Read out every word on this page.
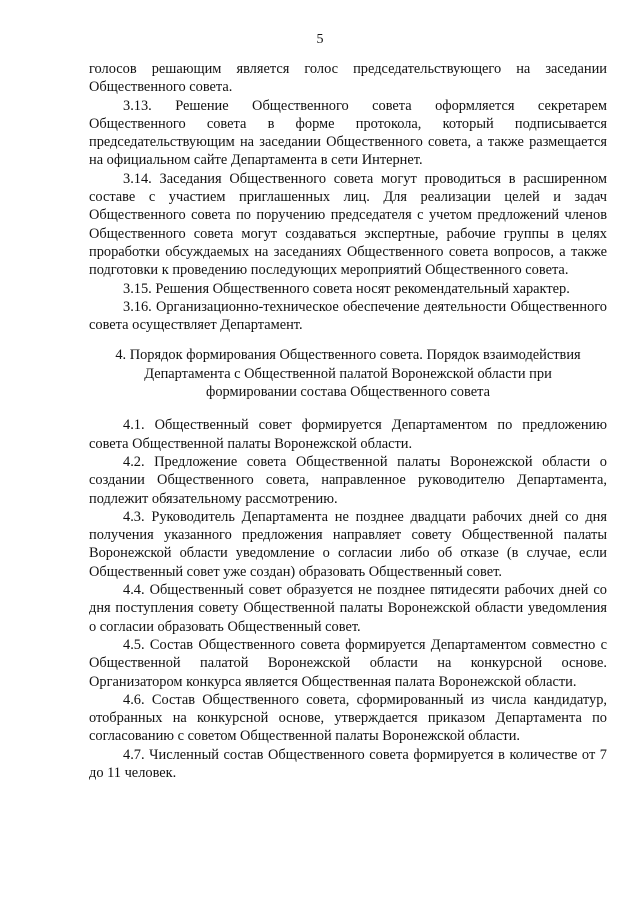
5

голосов решающим является голос председательствующего на заседании Общественного совета.

3.13. Решение Общественного совета оформляется секретарем Общественного совета в форме протокола, который подписывается председательствующим на заседании Общественного совета, а также размещается на официальном сайте Департамента в сети Интернет.

3.14. Заседания Общественного совета могут проводиться в расширенном составе с участием приглашенных лиц. Для реализации целей и задач Общественного совета по поручению председателя с учетом предложений членов Общественного совета могут создаваться экспертные, рабочие группы в целях проработки обсуждаемых на заседаниях Общественного совета вопросов, а также подготовки к проведению последующих мероприятий Общественного совета.

3.15. Решения Общественного совета носят рекомендательный характер.

3.16. Организационно-техническое обеспечение деятельности Общественного совета осуществляет Департамент.

4. Порядок формирования Общественного совета. Порядок взаимодействия
Департамента с Общественной палатой Воронежской области при
формировании состава Общественного совета

4.1. Общественный совет формируется Департаментом по предложению совета Общественной палаты Воронежской области.

4.2. Предложение совета Общественной палаты Воронежской области о создании Общественного совета, направленное руководителю Департамента, подлежит обязательному рассмотрению.

4.3. Руководитель Департамента не позднее двадцати рабочих дней со дня получения указанного предложения направляет совету Общественной палаты Воронежской области уведомление о согласии либо об отказе (в случае, если Общественный совет уже создан) образовать Общественный совет.

4.4. Общественный совет образуется не позднее пятидесяти рабочих дней со дня поступления совету Общественной палаты Воронежской области уведомления о согласии образовать Общественный совет.

4.5. Состав Общественного совета формируется Департаментом совместно с Общественной палатой Воронежской области на конкурсной основе. Организатором конкурса является Общественная палата Воронежской области.

4.6. Состав Общественного совета, сформированный из числа кандидатур, отобранных на конкурсной основе, утверждается приказом Департамента по согласованию с советом Общественной палаты Воронежской области.

4.7. Численный состав Общественного совета формируется в количестве от 7 до 11 человек.
